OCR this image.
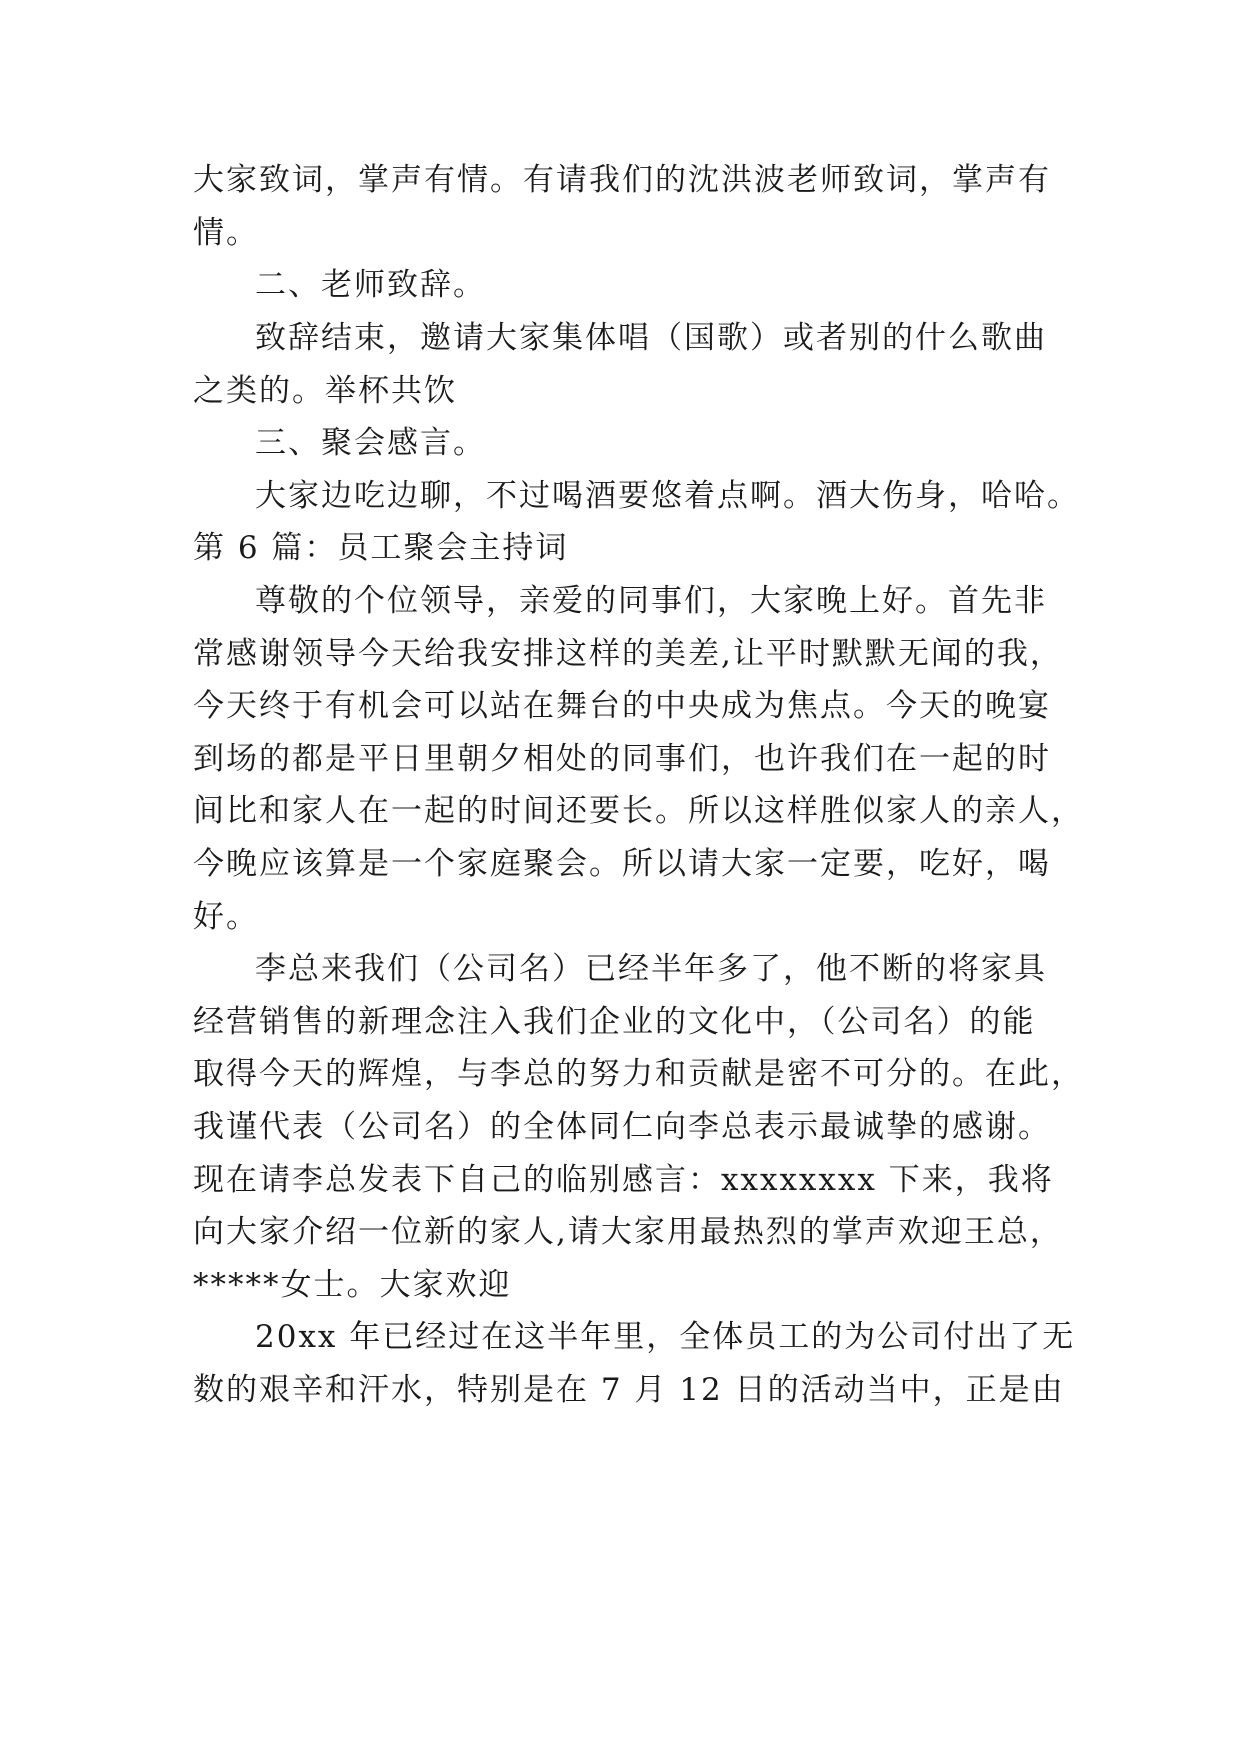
大家致词，掌声有情。有请我们的沈洪波老师致词，掌声有
情。
二、老师致辞。
致辞结束，邀请大家集体唱（国歌）或者别的什么歌曲
之类的。举杯共饮
三、聚会感言。
大家边吃边聊，不过喝酒要悠着点啊。酒大伤身，哈哈。
第 6 篇：员工聚会主持词
尊敬的个位领导，亲爱的同事们，大家晚上好。首先非
常感谢领导今天给我安排这样的美差,让平时默默无闻的我，
今天终于有机会可以站在舞台的中央成为焦点。今天的晚宴
到场的都是平日里朝夕相处的同事们，也许我们在一起的时
间比和家人在一起的时间还要长。所以这样胜似家人的亲人，
今晚应该算是一个家庭聚会。所以请大家一定要，吃好，喝
好。
李总来我们（公司名）已经半年多了，他不断的将家具
经营销售的新理念注入我们企业的文化中，（公司名）的能
取得今天的辉煌，与李总的努力和贡献是密不可分的。在此，
我谨代表（公司名）的全体同仁向李总表示最诚挚的感谢。
现在请李总发表下自己的临别感言：xxxxxxxx 下来，我将
向大家介绍一位新的家人,请大家用最热烈的掌声欢迎王总，
*****女士。大家欢迎
20xx 年已经过在这半年里，全体员工的为公司付出了无
数的艰辛和汗水，特别是在 7 月 12 日的活动当中，正是由
